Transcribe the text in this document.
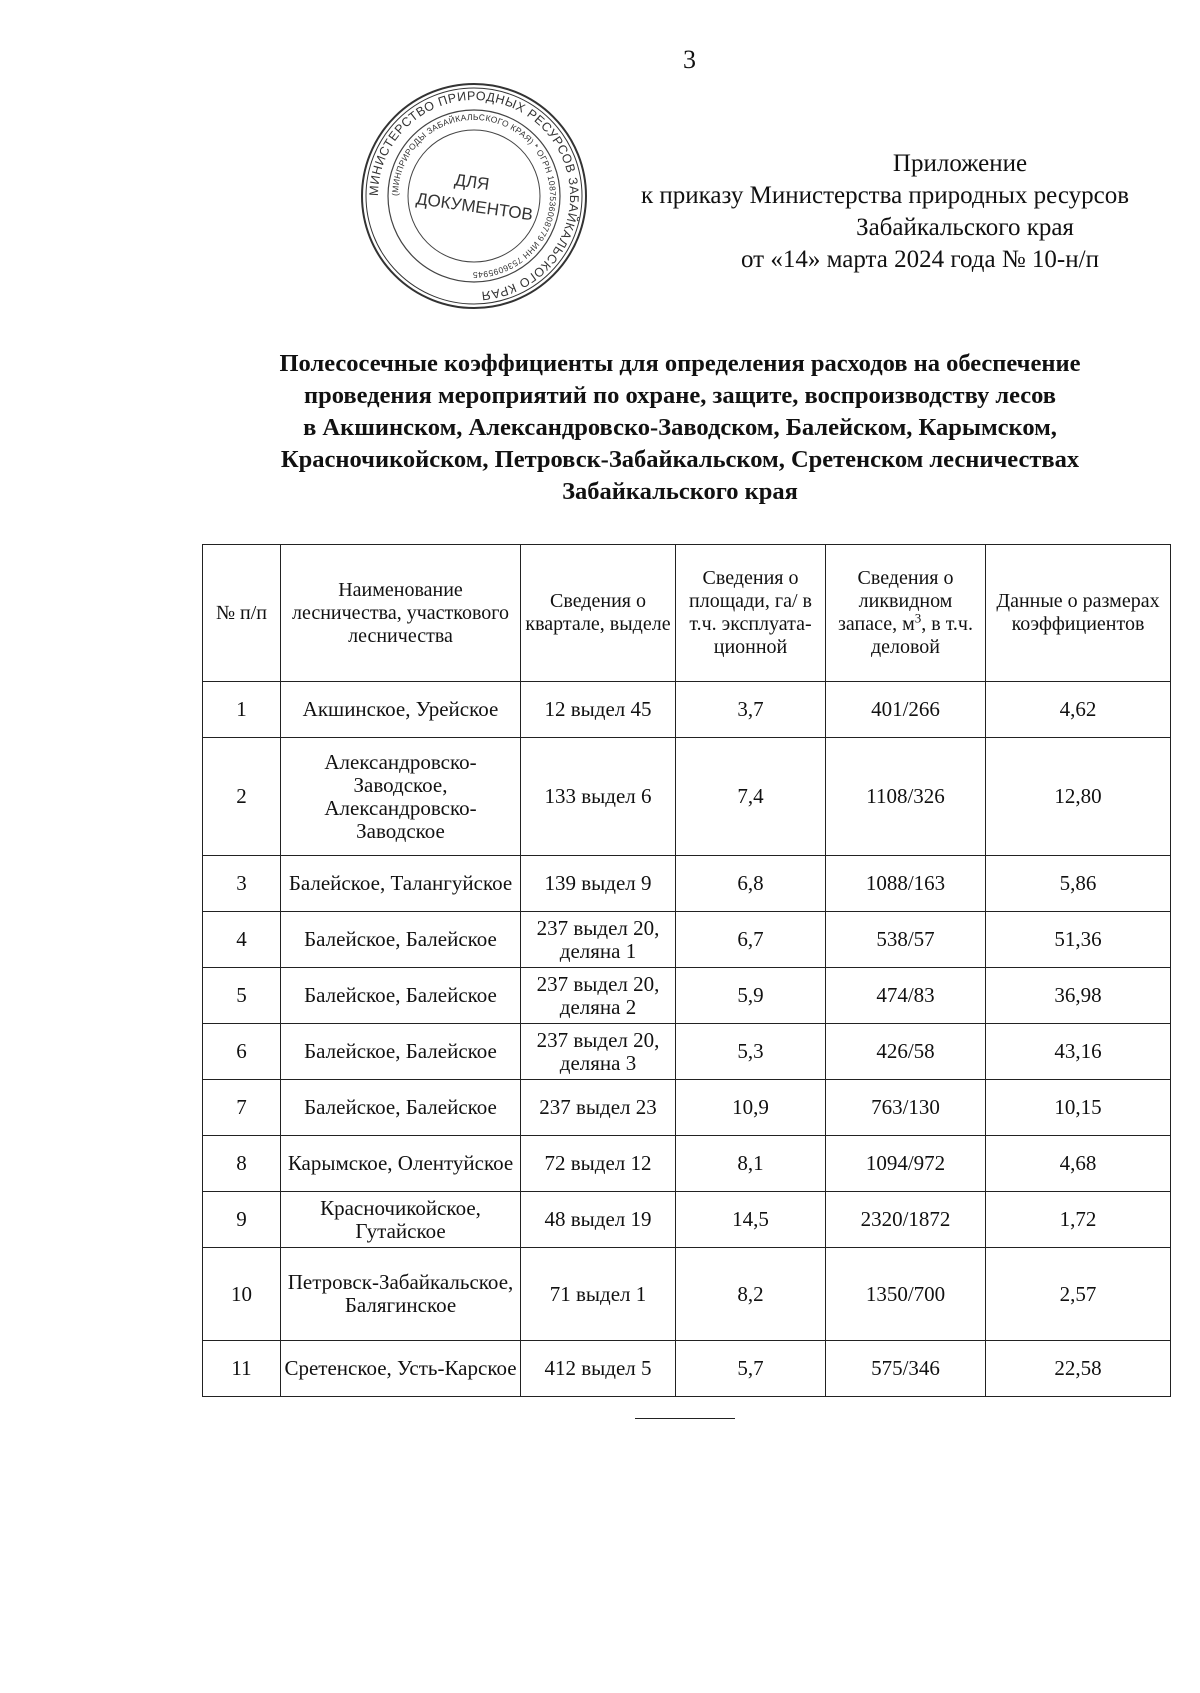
3
МИНИСТЕРСТВО ПРИРОДНЫХ РЕСУРСОВ ЗАБАЙКАЛЬСКОГО КРАЯ
(МИНПРИРОДЫ ЗАБАЙКАЛЬСКОГО КРАЯ) * ОГРН 1087536008779 ИНН 7536095945
ДЛЯ
ДОКУМЕНТОВ
Приложение
к приказу Министерства природных ресурсов
Забайкальского края
от «14» марта 2024 года № 10-н/п
Полесосечные коэффициенты для определения расходов на обеспечение
проведения мероприятий по охране, защите, воспроизводству лесов
в Акшинском, Александровско-Заводском, Балейском, Карымском,
Красночикойском, Петровск-Забайкальском, Сретенском лесничествах
Забайкальского края
№ п/п	Наименование лесничества, участкового лесничества	Сведения о квартале, выделе	Сведения о площади, га/ в т.ч. эксплуата-ционной	Сведения о ликвидном запасе, $м^3$, в т.ч. деловой	Данные о размерах коэффициентов
1	Акшинское, Урейское	12 выдел 45	3,7	401/266	4,62
2	Александровско-Заводское, Александровско-Заводское	133 выдел 6	7,4	1108/326	12,80
3	Балейское, Талангуйское	139 выдел 9	6,8	1088/163	5,86
4	Балейское, Балейское	237 выдел 20, деляна 1	6,7	538/57	51,36
5	Балейское, Балейское	237 выдел 20, деляна 2	5,9	474/83	36,98
6	Балейское, Балейское	237 выдел 20, деляна 3	5,3	426/58	43,16
7	Балейское, Балейское	237 выдел 23	10,9	763/130	10,15
8	Карымское, Олентуйское	72 выдел 12	8,1	1094/972	4,68
9	Красночикойское, Гутайское	48 выдел 19	14,5	2320/1872	1,72
10	Петровск-Забайкальское, Балягинское	71 выдел 1	8,2	1350/700	2,57
11	Сретенское, Усть-Карское	412 выдел 5	5,7	575/346	22,58
